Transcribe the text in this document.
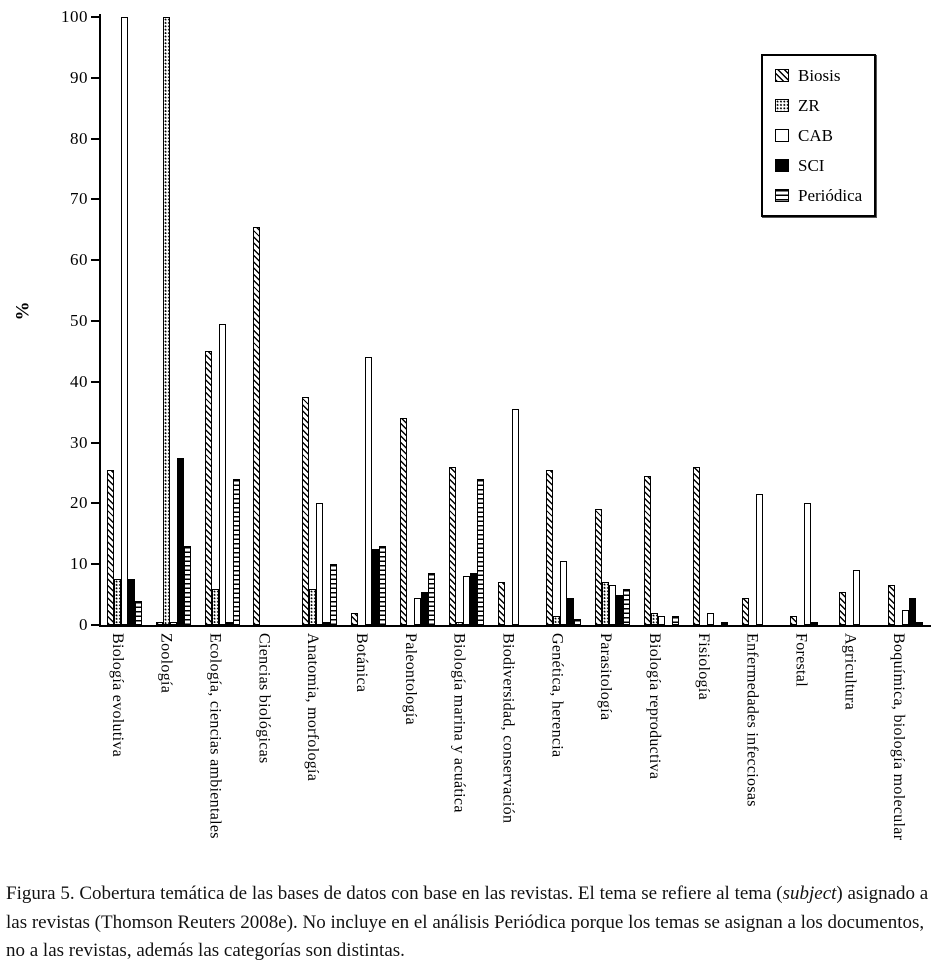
%
Biosis
ZR
CAB
SCI
Periódica
0
10
20
30
40
50
60
70
80
90
100
Biología evolutiva Zoología Ecología, ciencias ambientales Ciencias biológicas Anatomia, morfología Botánica Paleontología Biología marina y acuática Biodiversidad, conservación Genética, herencia Parasitología Biología reproductiva Fisiología Enfermedades infecciosas Forestal Agricultura Boquímica, biología molecular

Figura 5. Cobertura temática de las bases de datos con base en las revistas. El tema se refiere al tema (subject) asignado a las revistas (Thomson Reuters 2008e). No incluye en el análisis Periódica porque los temas se asignan a los documentos, no a las revistas, además las categorías son distintas.
